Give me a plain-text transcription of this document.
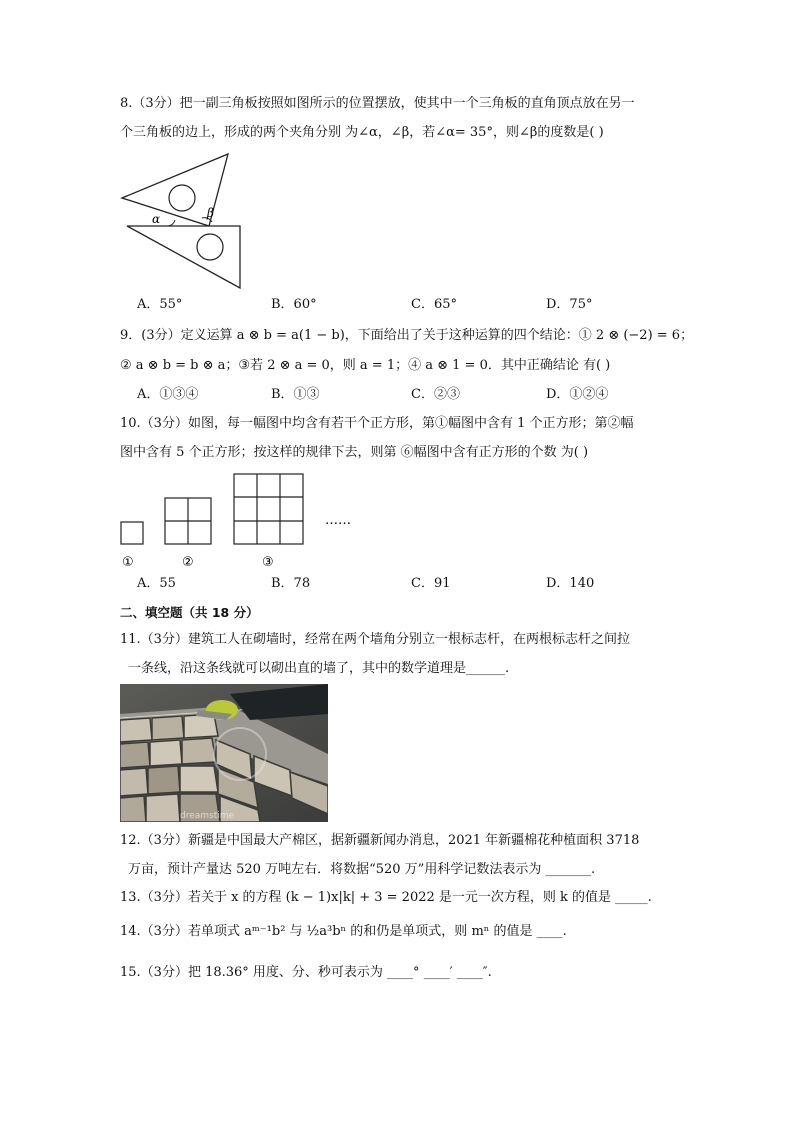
8.（3分）把一副三角板按照如图所示的位置摆放，使其中一个三角板的直角顶点放在另一
个三角板的边上，形成的两个夹角分别 为∠α，∠β，若∠α= 35°，则∠β的度数是( )
α	β
A．55°	B．60°	C．65°	D．75°
9．(3分）定义运算 a ⊗ b = a(1 − b)，下面给出了关于这种运算的四个结论：① 2 ⊗ (−2) = 6；
② a ⊗ b = b ⊗ a；③若 2 ⊗ a = 0，则 a = 1；④ a ⊗ 1 = 0．其中正确结论 有( )
A．①③④	B．①③	C．②③	D．①②④
10.（3分）如图，每一幅图中均含有若干个正方形，第①幅图中含有 1 个正方形；第②幅
图中含有 5 个正方形；按这样的规律下去，则第 ⑥幅图中含有正方形的个数 为( )
……
①	②	③
A．55	B．78	C．91	D．140
二、填空题（共 18 分）
11.（3分）建筑工人在砌墙时，经常在两个墙角分别立一根标志杆，在两根标志杆之间拉
一条线，沿这条线就可以砌出直的墙了，其中的数学道理是______.
dreamstime
12.（3分）新疆是中国最大产棉区，据新疆新闻办消息，2021 年新疆棉花种植面积 3718
万亩，预计产量达 520 万吨左右．将数据“520 万”用科学记数法表示为 _______.
13.（3分）若关于 x 的方程 (k − 1)x|k| + 3 = 2022 是一元一次方程，则 k 的值是 _____.
14.（3分）若单项式 aᵐ⁻¹b² 与 ½a³bⁿ 的和仍是单项式，则 mⁿ 的值是 ____.
15.（3分）把 18.36° 用度、分、秒可表示为 ____° ____′ ____″.
